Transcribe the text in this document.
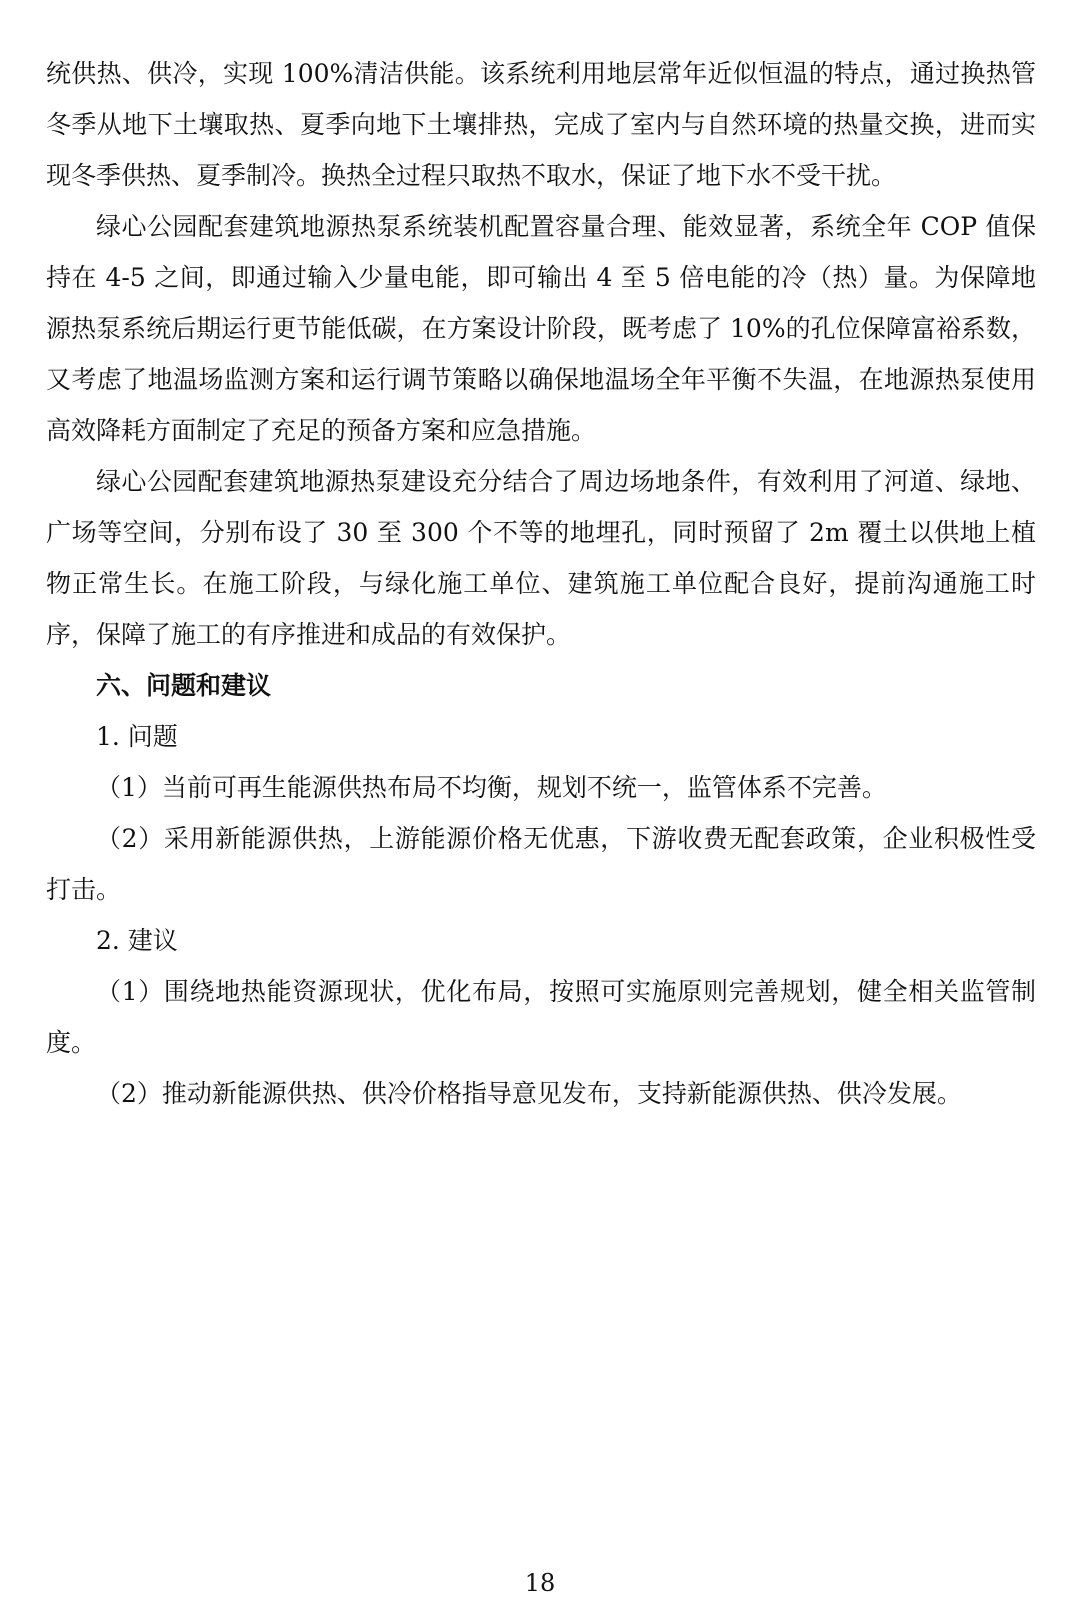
统供热、供冷，实现 100%清洁供能。该系统利用地层常年近似恒温的特点，通过换热管冬季从地下土壤取热、夏季向地下土壤排热，完成了室内与自然环境的热量交换，进而实现冬季供热、夏季制冷。换热全过程只取热不取水，保证了地下水不受干扰。

绿心公园配套建筑地源热泵系统装机配置容量合理、能效显著，系统全年 COP 值保持在 4-5 之间，即通过输入少量电能，即可输出 4 至 5 倍电能的冷（热）量。为保障地源热泵系统后期运行更节能低碳，在方案设计阶段，既考虑了 10%的孔位保障富裕系数，又考虑了地温场监测方案和运行调节策略以确保地温场全年平衡不失温，在地源热泵使用高效降耗方面制定了充足的预备方案和应急措施。

绿心公园配套建筑地源热泵建设充分结合了周边场地条件，有效利用了河道、绿地、广场等空间，分别布设了 30 至 300 个不等的地埋孔，同时预留了 2m 覆土以供地上植物正常生长。在施工阶段，与绿化施工单位、建筑施工单位配合良好，提前沟通施工时序，保障了施工的有序推进和成品的有效保护。

六、问题和建议

1. 问题

（1）当前可再生能源供热布局不均衡，规划不统一，监管体系不完善。

（2）采用新能源供热，上游能源价格无优惠，下游收费无配套政策，企业积极性受打击。

2. 建议

（1）围绕地热能资源现状，优化布局，按照可实施原则完善规划，健全相关监管制度。

（2）推动新能源供热、供冷价格指导意见发布，支持新能源供热、供冷发展。

18
